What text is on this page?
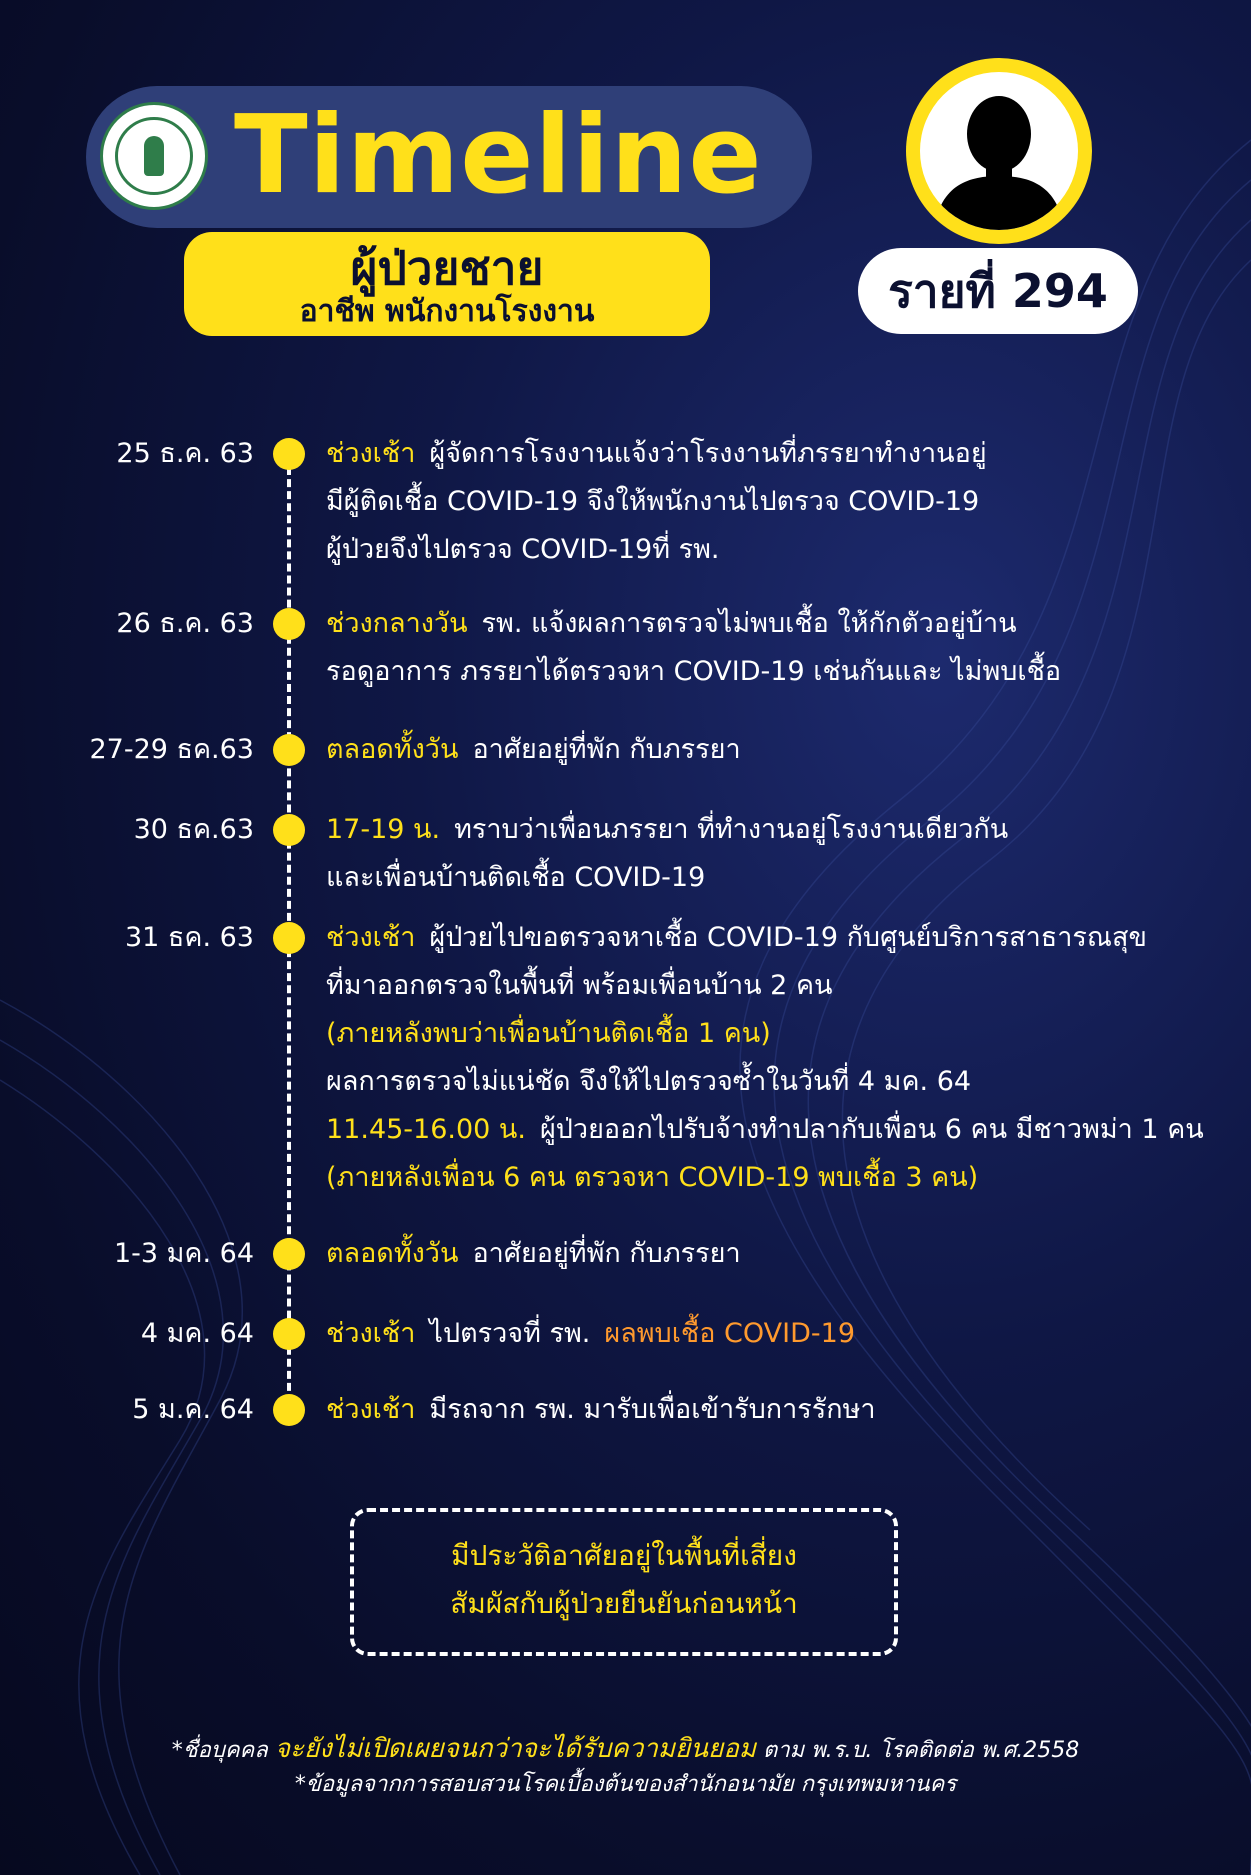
Timeline
ผู้ป่วยชาย
อาชีพ พนักงานโรงงาน	รายที่ 294
25 ธ.ค. 63	ช่วงเช้า ผู้จัดการโรงงานแจ้งว่าโรงงานที่ภรรยาทำงานอยู่
มีผู้ติดเชื้อ COVID-19 จึงให้พนักงานไปตรวจ COVID-19
ผู้ป่วยจึงไปตรวจ COVID-19ที่ รพ.
26 ธ.ค. 63	ช่วงกลางวัน รพ. แจ้งผลการตรวจไม่พบเชื้อ ให้กักตัวอยู่บ้าน
รอดูอาการ ภรรยาได้ตรวจหา COVID-19 เช่นกันและ ไม่พบเชื้อ
27-29 ธค.63	ตลอดทั้งวัน อาศัยอยู่ที่พัก กับภรรยา
30 ธค.63	17-19 น. ทราบว่าเพื่อนภรรยา ที่ทำงานอยู่โรงงานเดียวกัน
และเพื่อนบ้านติดเชื้อ COVID-19
31 ธค. 63	ช่วงเช้า ผู้ป่วยไปขอตรวจหาเชื้อ COVID-19 กับศูนย์บริการสาธารณสุข
ที่มาออกตรวจในพื้นที่ พร้อมเพื่อนบ้าน 2 คน
(ภายหลังพบว่าเพื่อนบ้านติดเชื้อ 1 คน)
ผลการตรวจไม่แน่ชัด จึงให้ไปตรวจซ้ำในวันที่ 4 มค. 64
11.45-16.00 น. ผู้ป่วยออกไปรับจ้างทำปลากับเพื่อน 6 คน มีชาวพม่า 1 คน
(ภายหลังเพื่อน 6 คน ตรวจหา COVID-19 พบเชื้อ 3 คน)
1-3 มค. 64	ตลอดทั้งวัน อาศัยอยู่ที่พัก กับภรรยา
4 มค. 64	ช่วงเช้า ไปตรวจที่ รพ. ผลพบเชื้อ COVID-19
5 ม.ค. 64	ช่วงเช้า มีรถจาก รพ. มารับเพื่อเข้ารับการรักษา
มีประวัติอาศัยอยู่ในพื้นที่เสี่ยง
สัมผัสกับผู้ป่วยยืนยันก่อนหน้า
*ชื่อบุคคล จะยังไม่เปิดเผยจนกว่าจะได้รับความยินยอม ตาม พ.ร.บ. โรคติดต่อ พ.ศ.2558
*ข้อมูลจากการสอบสวนโรคเบื้องต้นของสำนักอนามัย กรุงเทพมหานคร
